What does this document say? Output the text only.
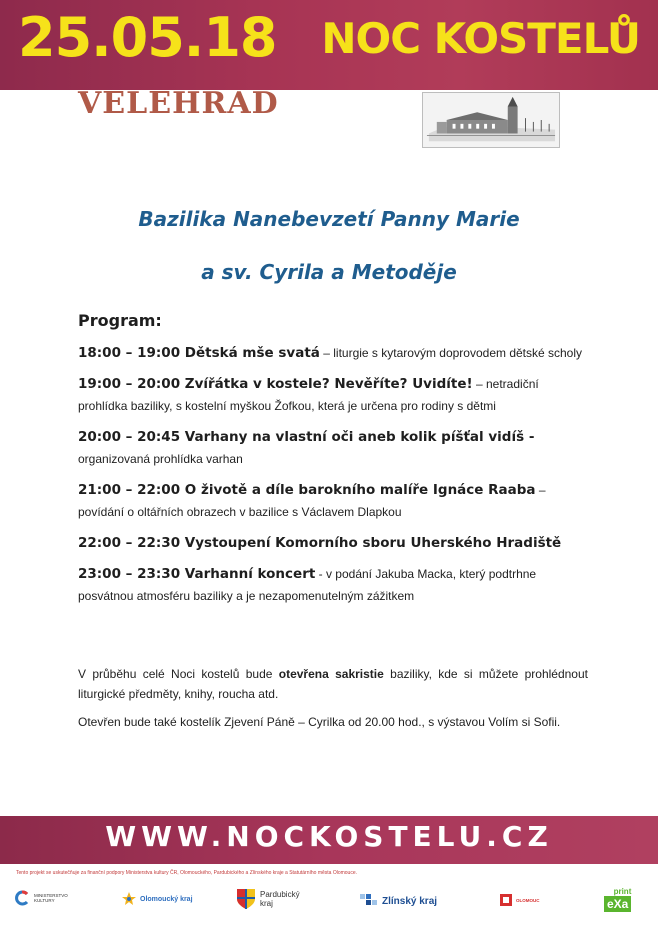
25.05.18 NOC KOSTELŮ
VELEHRAD
Bazilika Nanebevzetí Panny Marie
a sv. Cyrila a Metoděje
Program:
18:00 – 19:00 Dětská mše svatá – liturgie s kytarovým doprovodem dětské scholy
19:00 – 20:00 Zvířátka v kostele? Nevěříte? Uvidíte! – netradiční prohlídka baziliky, s kostelní myškou Žofkou, která je určena pro rodiny s dětmi
20:00 – 20:45 Varhany na vlastní oči aneb kolik píšťal vidíš - organizovaná prohlídka varhan
21:00 – 22:00 O životě a díle barokního malíře Ignáce Raaba – povídání o oltářních obrazech v bazilice s Václavem Dlapkou
22:00 – 22:30 Vystoupení Komorního sboru Uherského Hradiště
23:00 – 23:30 Varhanní koncert - v podání Jakuba Macka, který podtrhne posvátnou atmosféru baziliky a je nezapomenutelným zážitkem
V průběhu celé Noci kostelů bude otevřena sakristie baziliky, kde si můžete prohlédnout liturgické předměty, knihy, roucha atd.
Otevřen bude také kostelík Zjevení Páně – Cyrilka od 20.00 hod., s výstavou Volím si Sofii.
WWW.NOCKOSTELU.CZ
Tento projekt se uskutečňuje za finanční podpory Ministerstva kultury ČR, Olomouckého, Pardubického a Zlínského kraje a Statutárního města Olomouce.
MINISTERSTVO KULTURY	Olomoucký kraj	Pardubický
kraj	Zlínský kraj	OLOMOUC
print
eXa
